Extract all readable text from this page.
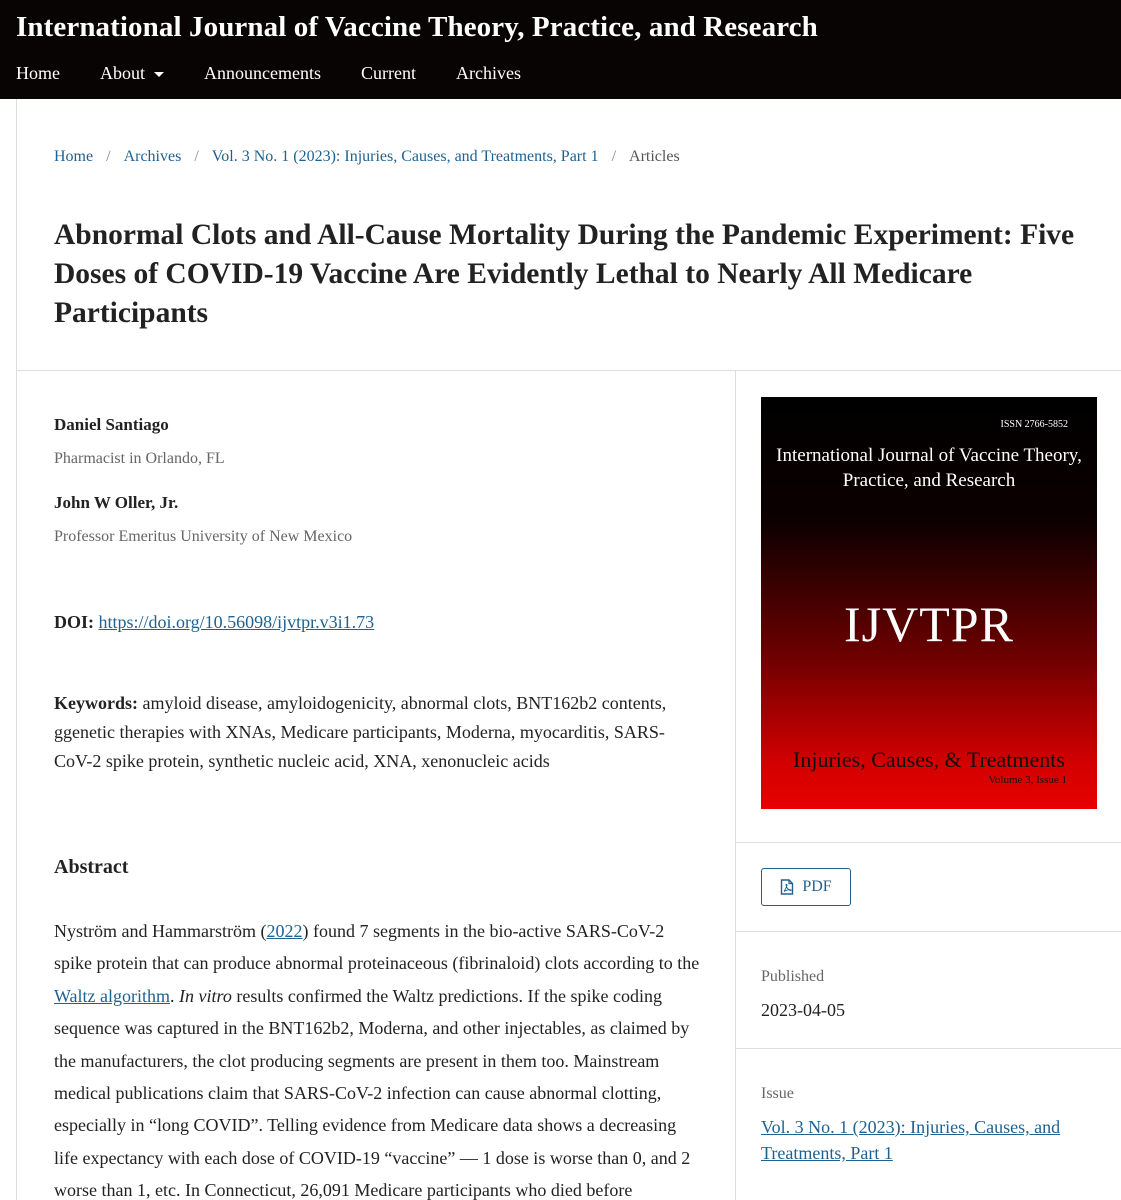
International Journal of Vaccine Theory, Practice, and Research
Home About	Announcements Current Archives
Home / Archives / Vol. 3 No. 1 (2023): Injuries, Causes, and Treatments, Part 1 / Articles
Abnormal Clots and All-Cause Mortality During the Pandemic Experiment: Five Doses of COVID-19 Vaccine Are Evidently Lethal to Nearly All Medicare Participants
Daniel Santiago
Pharmacist in Orlando, FL
John W Oller, Jr.
Professor Emeritus University of New Mexico
DOI: https://doi.org/10.56098/ijvtpr.v3i1.73
Keywords: amyloid disease, amyloidogenicity, abnormal clots, BNT162b2 contents, ggenetic therapies with XNAs, Medicare participants, Moderna, myocarditis, SARS-CoV-2 spike protein, synthetic nucleic acid, XNA, xenonucleic acids
Abstract

Nyström and Hammarström (2022) found 7 segments in the bio-active SARS-CoV-2 spike protein that can produce abnormal proteinaceous (fibrinaloid) clots according to the Waltz algorithm. In vitro results confirmed the Waltz predictions. If the spike coding sequence was captured in the BNT162b2, Moderna, and other injectables, as claimed by the manufacturers, the clot producing segments are present in them too. Mainstream medical publications claim that SARS-CoV-2 infection can cause abnormal clotting, especially in “long COVID”. Telling evidence from Medicare data shows a decreasing life expectancy with each dose of COVID-19 “vaccine” — 1 dose is worse than 0, and 2 worse than 1, etc. In Connecticut, 26,091 Medicare participants who died before

ISSN 2766-5852
International Journal of Vaccine Theory, Practice, and Research
IJVTPR
Injuries, Causes, & Treatments
Volume 3, Issue 1
PDF
Published
2023-04-05
Issue
Vol. 3 No. 1 (2023): Injuries, Causes, and Treatments, Part 1
